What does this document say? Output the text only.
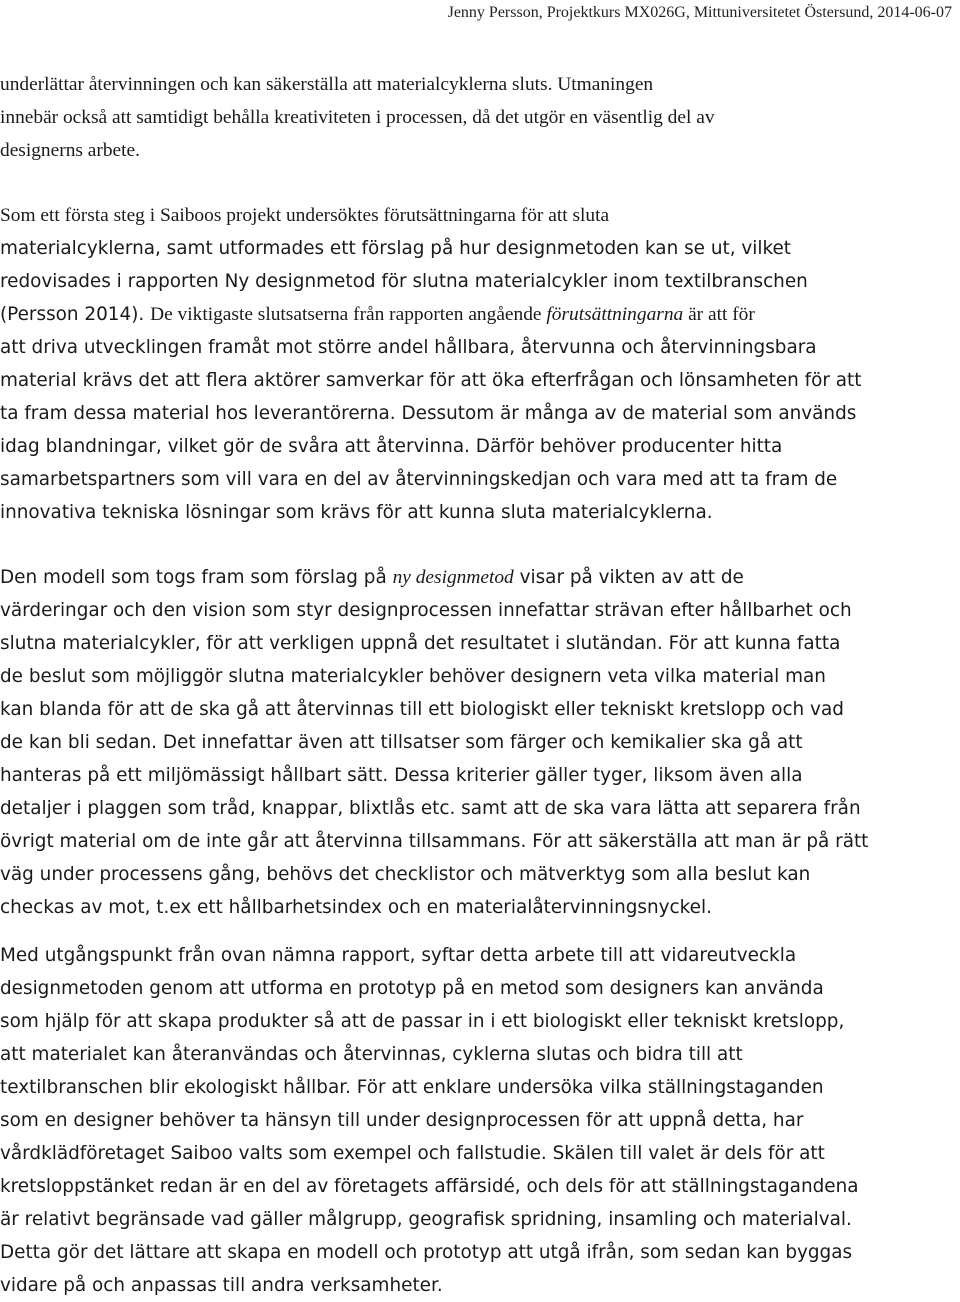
Jenny Persson, Projektkurs MX026G, Mittuniversitetet Östersund, 2014-06-07
underlättar återvinningen och kan säkerställa att materialcyklerna sluts. Utmaningen
innebär också att samtidigt behålla kreativiteten i processen, då det utgör en väsentlig del av
designerns arbete.
Som ett första steg i Saiboos projekt undersöktes förutsättningarna för att sluta
materialcyklerna, samt utformades ett förslag på hur designmetoden kan se ut, vilket
redovisades i rapporten Ny designmetod för slutna materialcykler inom textilbranschen
(Persson 2014). De viktigaste slutsatserna från rapporten angående förutsättningarna är att för
att driva utvecklingen framåt mot större andel hållbara, återvunna och återvinningsbara
material krävs det att flera aktörer samverkar för att öka efterfrågan och lönsamheten för att
ta fram dessa material hos leverantörerna. Dessutom är många av de material som används
idag blandningar, vilket gör de svåra att återvinna. Därför behöver producenter hitta
samarbetspartners som vill vara en del av återvinningskedjan och vara med att ta fram de
innovativa tekniska lösningar som krävs för att kunna sluta materialcyklerna.
Den modell som togs fram som förslag på ny designmetod visar på vikten av att de
värderingar och den vision som styr designprocessen innefattar strävan efter hållbarhet och
slutna materialcykler, för att verkligen uppnå det resultatet i slutändan. För att kunna fatta
de beslut som möjliggör slutna materialcykler behöver designern veta vilka material man
kan blanda för att de ska gå att återvinnas till ett biologiskt eller tekniskt kretslopp och vad
de kan bli sedan. Det innefattar även att tillsatser som färger och kemikalier ska gå att
hanteras på ett miljömässigt hållbart sätt. Dessa kriterier gäller tyger, liksom även alla
detaljer i plaggen som tråd, knappar, blixtlås etc. samt att de ska vara lätta att separera från
övrigt material om de inte går att återvinna tillsammans. För att säkerställa att man är på rätt
väg under processens gång, behövs det checklistor och mätverktyg som alla beslut kan
checkas av mot, t.ex ett hållbarhetsindex och en materialåtervinningsnyckel.
Med utgångspunkt från ovan nämna rapport, syftar detta arbete till att vidareutveckla
designmetoden genom att utforma en prototyp på en metod som designers kan använda
som hjälp för att skapa produkter så att de passar in i ett biologiskt eller tekniskt kretslopp,
att materialet kan återanvändas och återvinnas, cyklerna slutas och bidra till att
textilbranschen blir ekologiskt hållbar. För att enklare undersöka vilka ställningstaganden
som en designer behöver ta hänsyn till under designprocessen för att uppnå detta, har
vårdklädföretaget Saiboo valts som exempel och fallstudie. Skälen till valet är dels för att
kretsloppstänket redan är en del av företagets affärsidé, och dels för att ställningstagandena
är relativt begränsade vad gäller målgrupp, geografisk spridning, insamling och materialval.
Detta gör det lättare att skapa en modell och prototyp att utgå ifrån, som sedan kan byggas
vidare på och anpassas till andra verksamheter.
